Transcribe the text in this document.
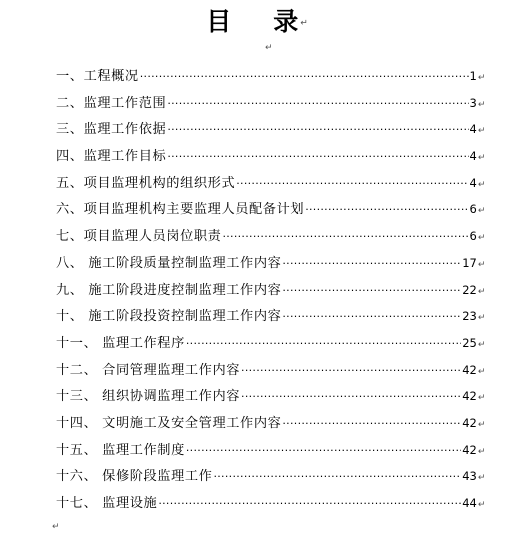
目 录↵
↵
一、工程概况 ·····	1 ↵
二、监理工作范围 ·····	3 ↵
三、监理工作依据 ·····	4 ↵
四、监理工作目标 ·····	4 ↵
五、项目监理机构的组织形式 ·····	4 ↵
六、项目监理机构主要监理人员配备计划 ·····	6 ↵
七、项目监理人员岗位职责 ·····	6 ↵
八、 施工阶段质量控制监理工作内容 ·····	17 ↵
九、 施工阶段进度控制监理工作内容 ·····	22 ↵
十、 施工阶段投资控制监理工作内容 ·····	23 ↵
十一、 监理工作程序 ·····	25 ↵
十二、 合同管理监理工作内容 ·····	42 ↵
十三、 组织协调监理工作内容 ·····	42 ↵
十四、 文明施工及安全管理工作内容 ·····	42 ↵
十五、 监理工作制度 ·····	42 ↵
十六、 保修阶段监理工作 ·····	43 ↵
十七、 监理设施 ·····	44 ↵
↵
